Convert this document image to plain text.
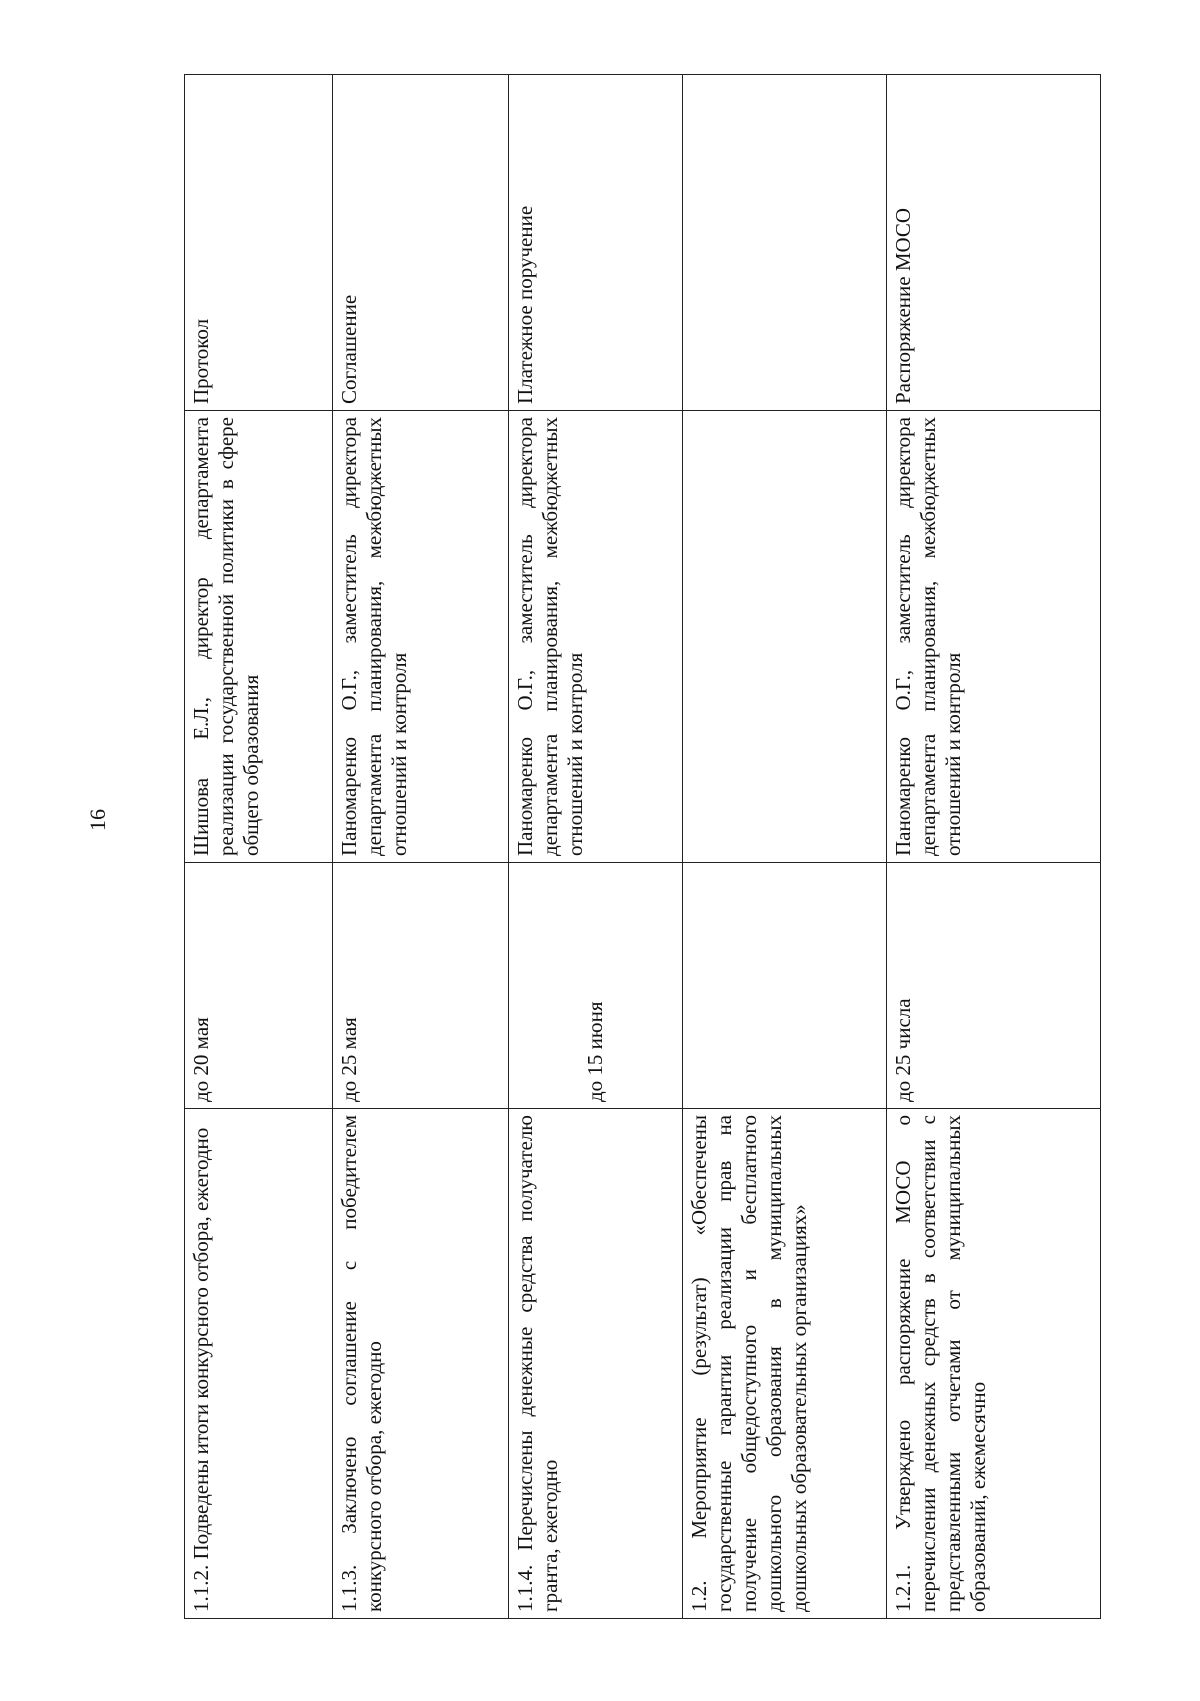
16
1.1.2. Подведены итоги конкурсного отбора, ежегодно	до 20 мая	Шишова Е.Л., директор департамента реализации государственной политики в сфере общего образования	Протокол

1.1.3. Заключено соглашение с победителем конкурсного отбора, ежегодно	до 25 мая	Паномаренко О.Г., заместитель директора департамента планирования, межбюджетных отношений и контроля	Соглашение

1.1.4. Перечислены денежные средства получателю гранта, ежегодно	до 15 июня	Паномаренко О.Г., заместитель директора департамента планирования, межбюджетных отношений и контроля	Платежное поручение

1.2. Мероприятие (результат) «Обеспечены государственные гарантии реализации прав на получение общедоступного и бесплатного дошкольного образования в муниципальных дошкольных образовательных организациях»			

1.2.1. Утверждено распоряжение МОСО о перечислении денежных средств в соответствии с представленными отчетами от муниципальных образований, ежемесячно	до 25 числа	Паномаренко О.Г., заместитель директора департамента планирования, межбюджетных отношений и контроля	Распоряжение МОСО
